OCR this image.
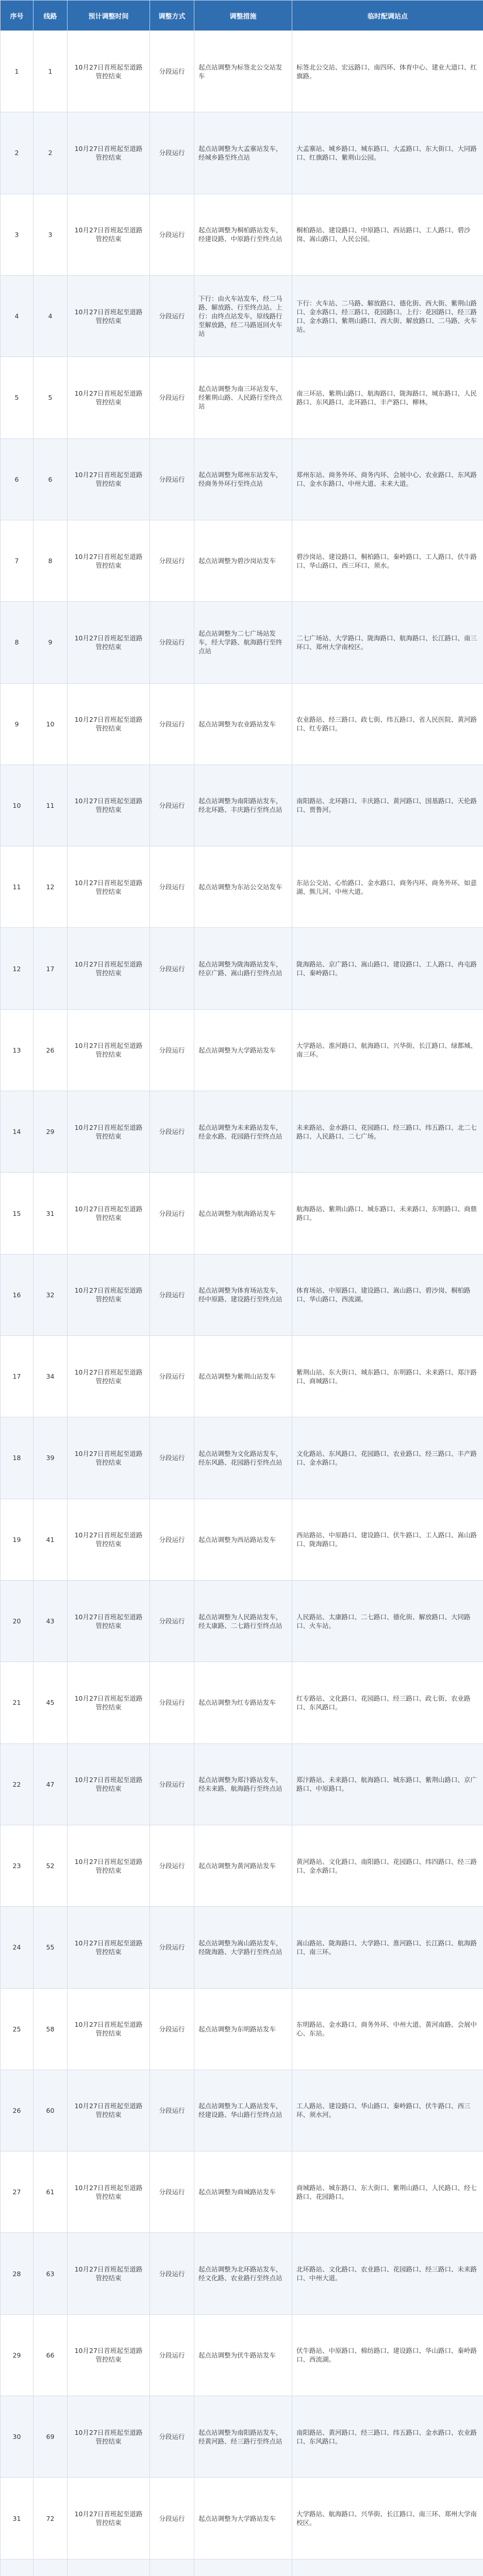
序号	线路	预计调整时间	调整方式	调整措施	临时配调站点
1	1	10月27日首班起至道路管控结束	分段运行	起点站调整为标签北公交站发车	标签北公交站、宏远路口、南四环、体育中心、建业大道口、红旗路。
2	2	10月27日首班起至道路管控结束	分段运行	起点站调整为大孟寨站发车，经城乡路至终点站	大孟寨站、城乡路口、城东路口、大孟路口、东大街口、大同路口、红旗路口、紫荆山公园。
3	3	10月27日首班起至道路管控结束	分段运行	起点站调整为桐柏路站发车，经建设路、中原路行至终点站	桐柏路站、建设路口、中原路口、西站路口、工人路口、碧沙岗、嵩山路口、人民公园。
4	4	10月27日首班起至道路管控结束	分段运行	下行：由火车站发车，经二马路、解放路、行至终点站。上行：由终点站发车，原线路行至解放路，经二马路返回火车站	下行：火车站、二马路、解放路口、德化街、西大街、紫荆山路口、金水路口、经三路口、花园路口。上行：花园路口、经三路口、金水路口、紫荆山路口、西大街、解放路口、二马路、火车站。
5	5	10月27日首班起至道路管控结束	分段运行	起点站调整为南三环站发车，经紫荆山路、人民路行至终点站	南三环站、紫荆山路口、航海路口、陇海路口、城东路口、人民路口、东风路口、北环路口、丰产路口、柳林。
6	6	10月27日首班起至道路管控结束	分段运行	起点站调整为郑州东站发车，经商务外环行至终点站	郑州东站、商务外环、商务内环、会展中心、农业路口、东风路口、金水东路口、中州大道、未来大道。
7	8	10月27日首班起至道路管控结束	分段运行	起点站调整为碧沙岗站发车	碧沙岗站、建设路口、桐柏路口、秦岭路口、工人路口、伏牛路口、华山路口、西三环口、须水。
8	9	10月27日首班起至道路管控结束	分段运行	起点站调整为二七广场站发车，经大学路、航海路行至终点站	二七广场站、大学路口、陇海路口、航海路口、长江路口、南三环口、郑州大学南校区。
9	10	10月27日首班起至道路管控结束	分段运行	起点站调整为农业路站发车	农业路站、经三路口、政七街、纬五路口、省人民医院、黄河路口、红专路口。
10	11	10月27日首班起至道路管控结束	分段运行	起点站调整为南阳路站发车，经北环路、丰庆路行至终点站	南阳路站、北环路口、丰庆路口、黄河路口、国基路口、天伦路口、贾鲁河。
11	12	10月27日首班起至道路管控结束	分段运行	起点站调整为东站公交站发车	东站公交站、心怡路口、金水路口、商务内环、商务外环、如意湖、熊儿河、中州大道。
12	17	10月27日首班起至道路管控结束	分段运行	起点站调整为陇海路站发车，经京广路、嵩山路行至终点站	陇海路站、京广路口、嵩山路口、建设路口、工人路口、冉屯路口、秦岭路口。
13	26	10月27日首班起至道路管控结束	分段运行	起点站调整为大学路站发车	大学路站、淮河路口、航海路口、兴华街、长江路口、绿都城、南三环。
14	29	10月27日首班起至道路管控结束	分段运行	起点站调整为未来路站发车，经金水路、花园路行至终点站	未来路站、金水路口、花园路口、经三路口、纬五路口、北二七路口、人民路口、二七广场。
15	31	10月27日首班起至道路管控结束	分段运行	起点站调整为航海路站发车	航海路站、紫荆山路口、城东路口、未来路口、东明路口、商鼎路口。
16	32	10月27日首班起至道路管控结束	分段运行	起点站调整为体育场站发车，经中原路、建设路行至终点站	体育场站、中原路口、建设路口、嵩山路口、碧沙岗、桐柏路口、华山路口、西流湖。
17	34	10月27日首班起至道路管控结束	分段运行	起点站调整为紫荆山站发车	紫荆山站、东大街口、城东路口、东明路口、未来路口、郑汴路口、商城路口。
18	39	10月27日首班起至道路管控结束	分段运行	起点站调整为文化路站发车，经东风路、花园路行至终点站	文化路站、东风路口、花园路口、农业路口、经三路口、丰产路口、金水路口。
19	41	10月27日首班起至道路管控结束	分段运行	起点站调整为西站路站发车	西站路站、中原路口、建设路口、伏牛路口、工人路口、嵩山路口、陇海路口。
20	43	10月27日首班起至道路管控结束	分段运行	起点站调整为人民路站发车，经太康路、二七路行至终点站	人民路站、太康路口、二七路口、德化街、解放路口、大同路口、火车站。
21	45	10月27日首班起至道路管控结束	分段运行	起点站调整为红专路站发车	红专路站、文化路口、花园路口、经三路口、政七街、农业路口、东风路口。
22	47	10月27日首班起至道路管控结束	分段运行	起点站调整为郑汴路站发车，经未来路、航海路行至终点站	郑汴路站、未来路口、航海路口、城东路口、紫荆山路口、京广路口、中原路口。
23	52	10月27日首班起至道路管控结束	分段运行	起点站调整为黄河路站发车	黄河路站、文化路口、南阳路口、花园路口、纬四路口、经三路口、金水路口。
24	55	10月27日首班起至道路管控结束	分段运行	起点站调整为嵩山路站发车，经陇海路、大学路行至终点站	嵩山路站、陇海路口、大学路口、淮河路口、长江路口、航海路口、南三环。
25	58	10月27日首班起至道路管控结束	分段运行	起点站调整为东明路站发车	东明路站、金水路口、商务外环、中州大道、黄河南路、会展中心、东站。
26	60	10月27日首班起至道路管控结束	分段运行	起点站调整为工人路站发车，经建设路、华山路行至终点站	工人路站、建设路口、华山路口、秦岭路口、伏牛路口、西三环、须水河。
27	61	10月27日首班起至道路管控结束	分段运行	起点站调整为商城路站发车	商城路站、城东路口、东大街口、紫荆山路口、人民路口、经七路口、花园路口。
28	63	10月27日首班起至道路管控结束	分段运行	起点站调整为北环路站发车，经文化路、农业路行至终点站	北环路站、文化路口、农业路口、花园路口、经三路口、未来路口、中州大道。
29	66	10月27日首班起至道路管控结束	分段运行	起点站调整为伏牛路站发车	伏牛路站、中原路口、棉纺路口、建设路口、华山路口、秦岭路口、西流湖。
30	69	10月27日首班起至道路管控结束	分段运行	起点站调整为南阳路站发车，经黄河路、经三路行至终点站	南阳路站、黄河路口、经三路口、纬五路口、金水路口、农业路口、东风路口。
31	72	10月27日首班起至道路管控结束	分段运行	起点站调整为大学路站发车	大学路站、航海路口、兴华街、长江路口、南三环、郑州大学南校区。
